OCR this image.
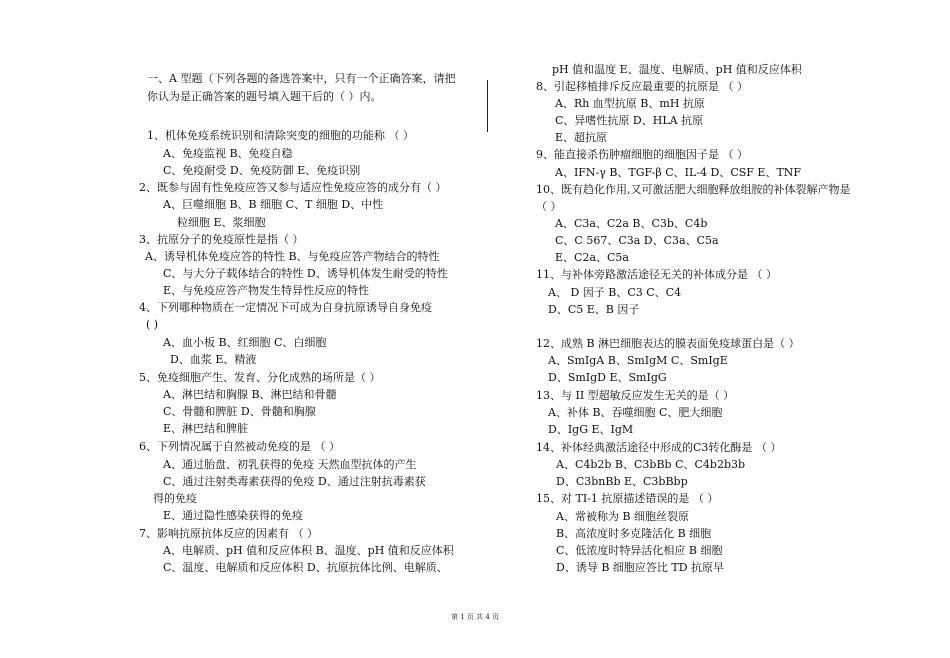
一、A 型题（下列各题的备选答案中，只有一个正确答案，请把
你认为是正确答案的题号填入题干后的（ ）内。
1、机体免疫系统识别和清除突变的细胞的功能称 （ ）
A、免疫监视 B、免疫自稳
C、免疫耐受 D、免疫防御 E、免疫识别
2、既参与固有性免疫应答又参与适应性免疫应答的成分有（ ）
A、巨噬细胞 B、B 细胞 C、T 细胞 D、中性
粒细胞 E、浆细胞
3、抗原分子的免疫原性是指（ ）
A、诱导机体免疫应答的特性 B、与免疫应答产物结合的特性
C、与大分子载体结合的特性 D、诱导机体发生耐受的特性
E、与免疫应答产物发生特异性反应的特性
4、下列哪种物质在一定情况下可成为自身抗原诱导自身免疫
( )
A、血小板 B、红细胞 C、白细胞
D、血浆 E、精液
5、免疫细胞产生、发育、分化成熟的场所是（ ）
A、淋巴结和胸腺 B、淋巴结和骨髓
C、骨髓和脾脏 D、骨髓和胸腺
E、淋巴结和脾脏
6、下列情况属于自然被动免疫的是 （ ）
A、通过胎盘、初乳获得的免疫 天然血型抗体的产生
C、通过注射类毒素获得的免疫 D、通过注射抗毒素获
得的免疫
E、通过隐性感染获得的免疫
7、影响抗原抗体反应的因素有 （ ）
A、电解质、pH 值和反应体积 B、温度、pH 值和反应体积
C、温度、电解质和反应体积 D、抗原抗体比例、电解质、
pH 值和温度 E、温度、电解质、pH 值和反应体积
8、引起移植排斥反应最重要的抗原是 （ ）
A、Rh 血型抗原 B、mH 抗原
C、异嗜性抗原 D、HLA 抗原
E、超抗原
9、能直接杀伤肿瘤细胞的细胞因子是 （ ）
A、IFN-γ B、TGF-β C、IL-4 D、CSF E、TNF
10、既有趋化作用,又可激活肥大细胞释放组胺的补体裂解产物是
（ ）
A、C3a、C2a B、C3b、C4b
C、C 567、C3a D、C3a、C5a
E、C2a、C5a
11、与补体旁路激活途径无关的补体成分是 （ ）
A、 D 因子 B、C3 C、C4
D、C5 E、B 因子
12、成熟 B 淋巴细胞表达的膜表面免疫球蛋白是（ ）
A、SmIgA B、SmIgM C、SmIgE
D、SmIgD E、SmIgG
13、与 II 型超敏反应发生无关的是（ ）
A、补体 B、吞噬细胞 C、肥大细胞
D、IgG E、IgM
14、补体经典激活途径中形成的C3转化酶是 （ ）
A、C4b2b B、C3bBb C、C4b2b3b
D、C3bnBb E、C3bBbp
15、对 TI-1 抗原描述错误的是 （ ）
A、常被称为 B 细胞丝裂原
B、高浓度时多克隆活化 B 细胞
C、低浓度时特异活化相应 B 细胞
D、诱导 B 细胞应答比 TD 抗原早
第 1 页 共 4 页
